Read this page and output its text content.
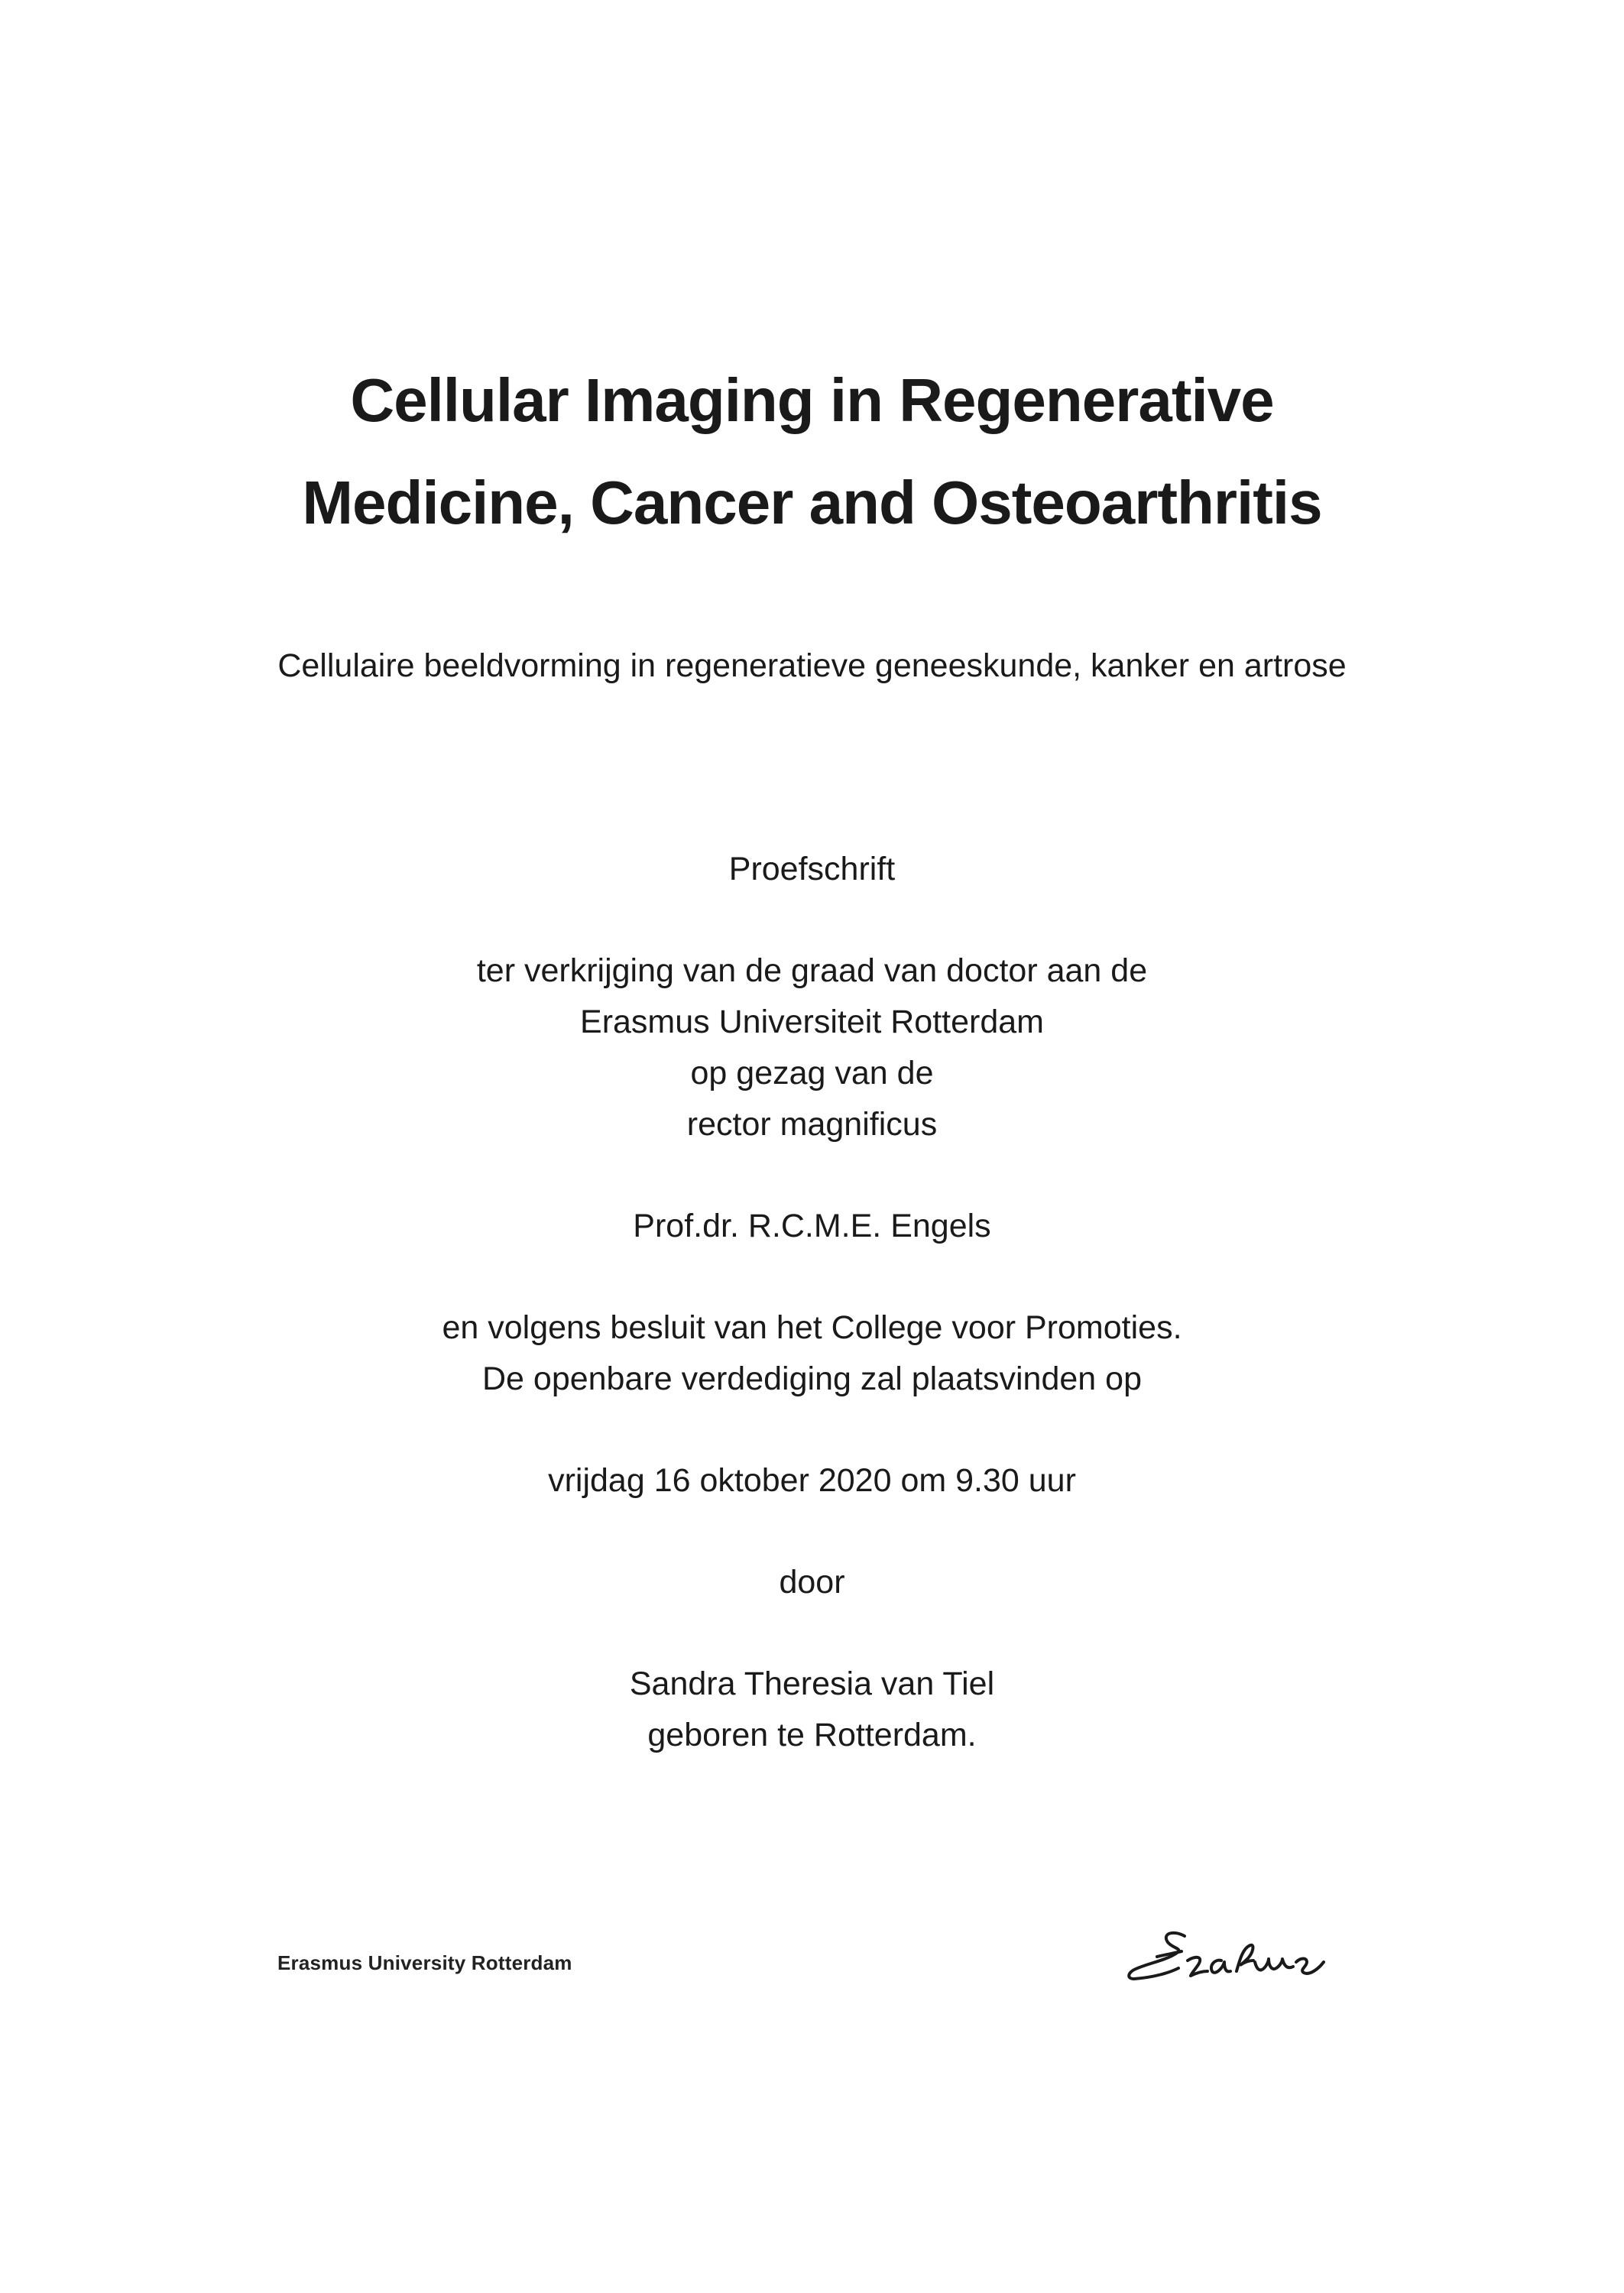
Cellular Imaging in Regenerative
Medicine, Cancer and Osteoarthritis

Cellulaire beeldvorming in regeneratieve geneeskunde, kanker en artrose

Proefschrift

ter verkrijging van de graad van doctor aan de

Erasmus Universiteit Rotterdam

op gezag van de

rector magnificus

Prof.dr. R.C.M.E. Engels

en volgens besluit van het College voor Promoties.

De openbare verdediging zal plaatsvinden op

vrijdag 16 oktober 2020 om 9.30 uur

door

Sandra Theresia van Tiel

geboren te Rotterdam.

Erasmus University Rotterdam
